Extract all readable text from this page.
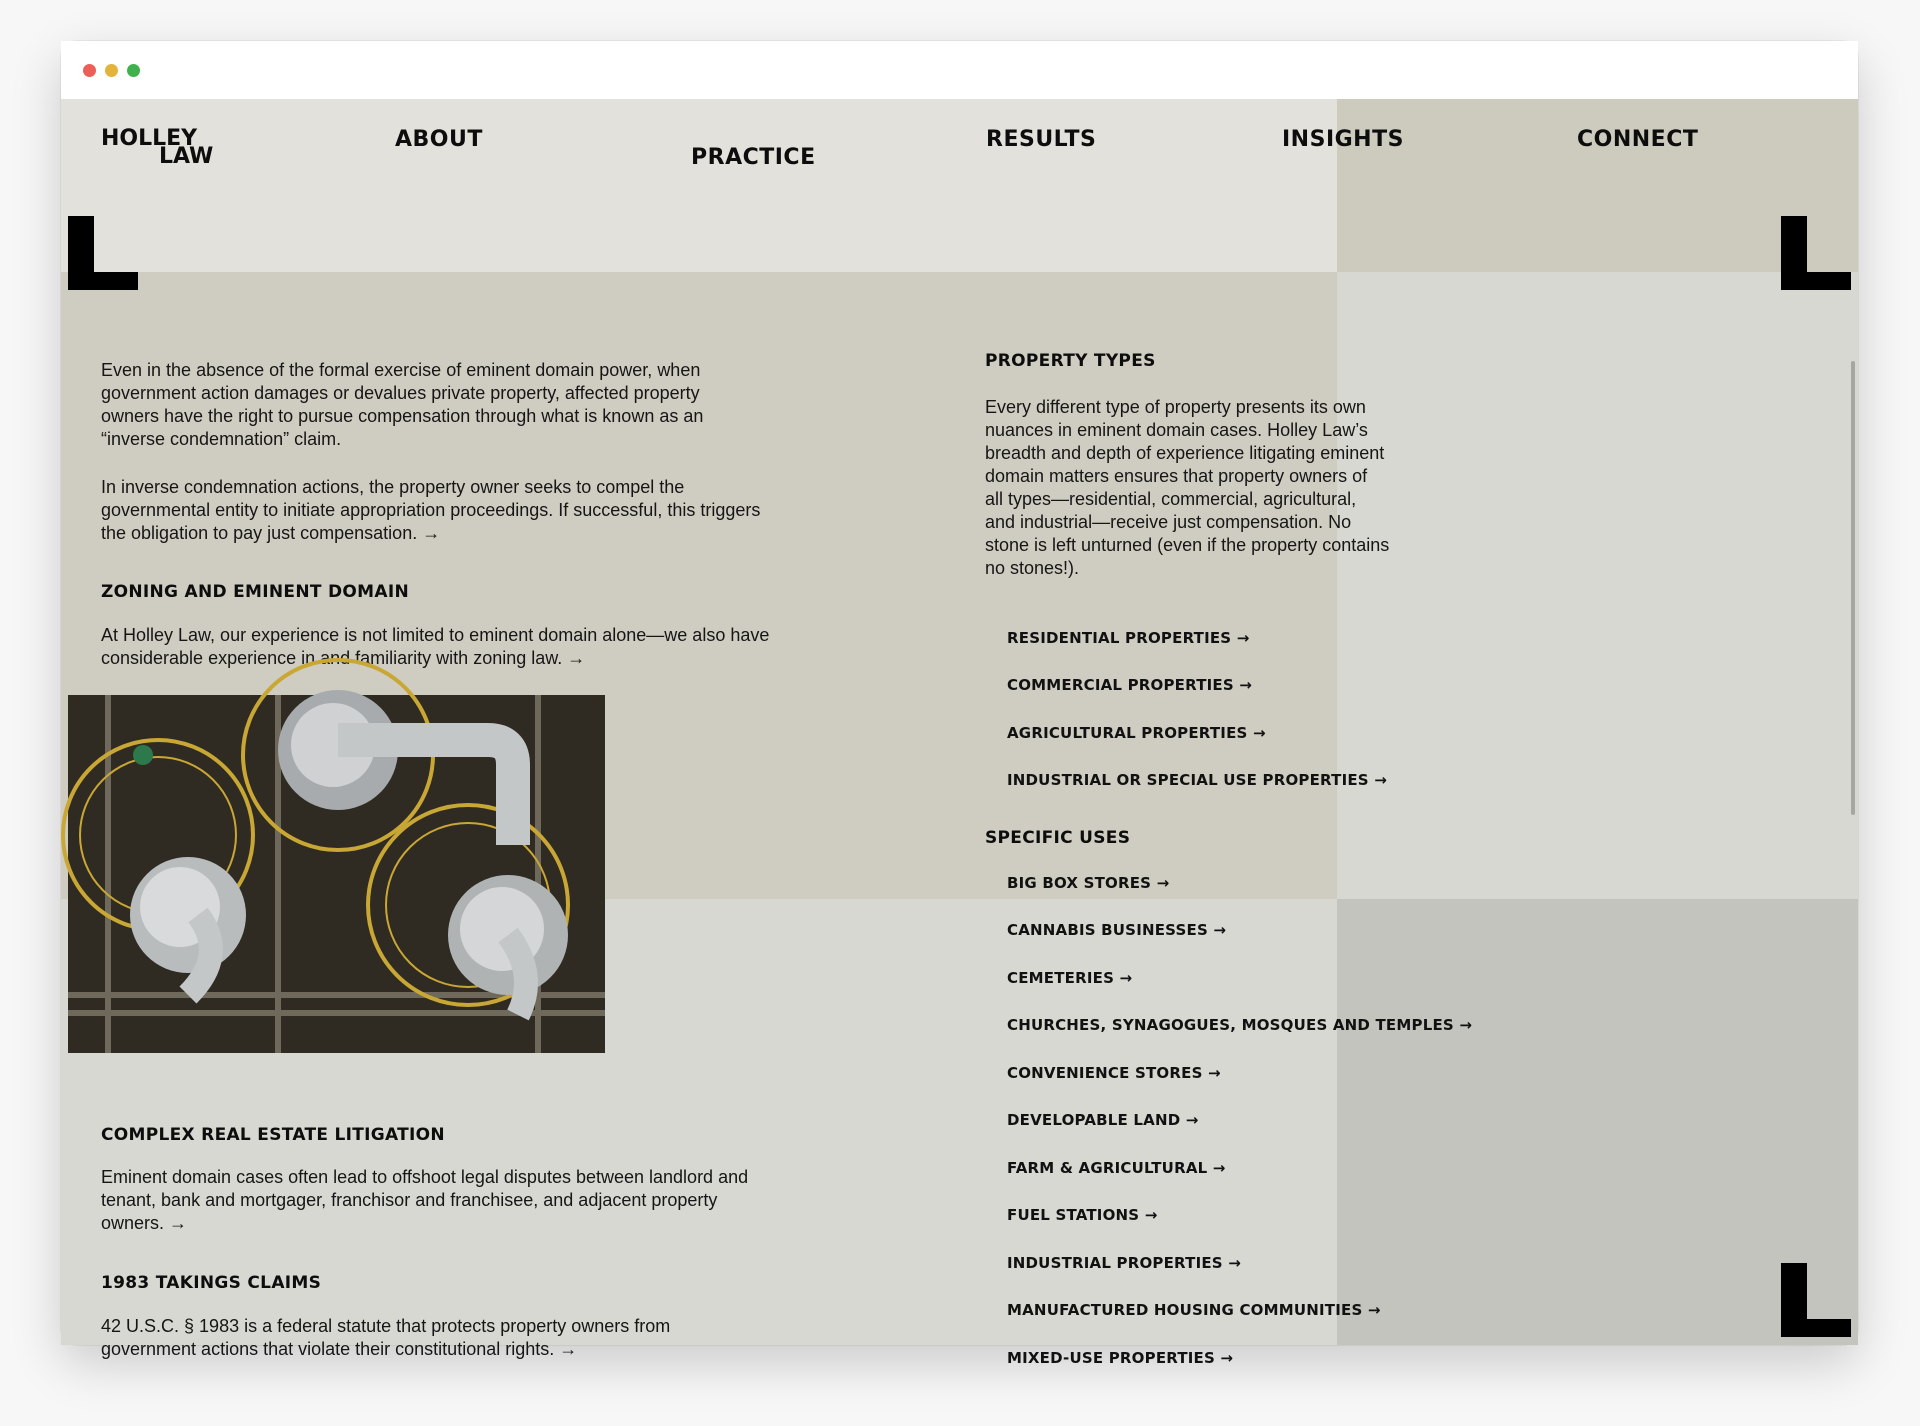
HOLLEY
LAW
ABOUT
PRACTICE
RESULTS	INSIGHTS	CONNECT

Even in the absence of the formal exercise of eminent domain power, when government action damages or devalues private property, affected property owners have the right to pursue compensation through what is known as an “inverse condemnation” claim.

In inverse condemnation actions, the property owner seeks to compel the governmental entity to initiate appropriation proceedings. If successful, this triggers the obligation to pay just compensation. →

ZONING AND EMINENT DOMAIN

At Holley Law, our experience is not limited to eminent domain alone—we also have considerable experience in and familiarity with zoning law. →

COMPLEX REAL ESTATE LITIGATION

Eminent domain cases often lead to offshoot legal disputes between landlord and tenant, bank and mortgager, franchisor and franchisee, and adjacent property owners. →

1983 TAKINGS CLAIMS

42 U.S.C. § 1983 is a federal statute that protects property owners from government actions that violate their constitutional rights. →

PROPERTY TYPES

Every different type of property presents its own nuances in eminent domain cases. Holley Law’s breadth and depth of experience litigating eminent domain matters ensures that property owners of all types—residential, commercial, agricultural, and industrial—receive just compensation. No stone is left unturned (even if the property contains no stones!).

RESIDENTIAL PROPERTIES →
COMMERCIAL PROPERTIES →
AGRICULTURAL PROPERTIES →
INDUSTRIAL OR SPECIAL USE PROPERTIES →
SPECIFIC USES
BIG BOX STORES →
CANNABIS BUSINESSES →
CEMETERIES →
CHURCHES, SYNAGOGUES, MOSQUES AND TEMPLES →
CONVENIENCE STORES →
DEVELOPABLE LAND →
FARM & AGRICULTURAL →
FUEL STATIONS →
INDUSTRIAL PROPERTIES →
MANUFACTURED HOUSING COMMUNITIES →
MIXED-USE PROPERTIES →
